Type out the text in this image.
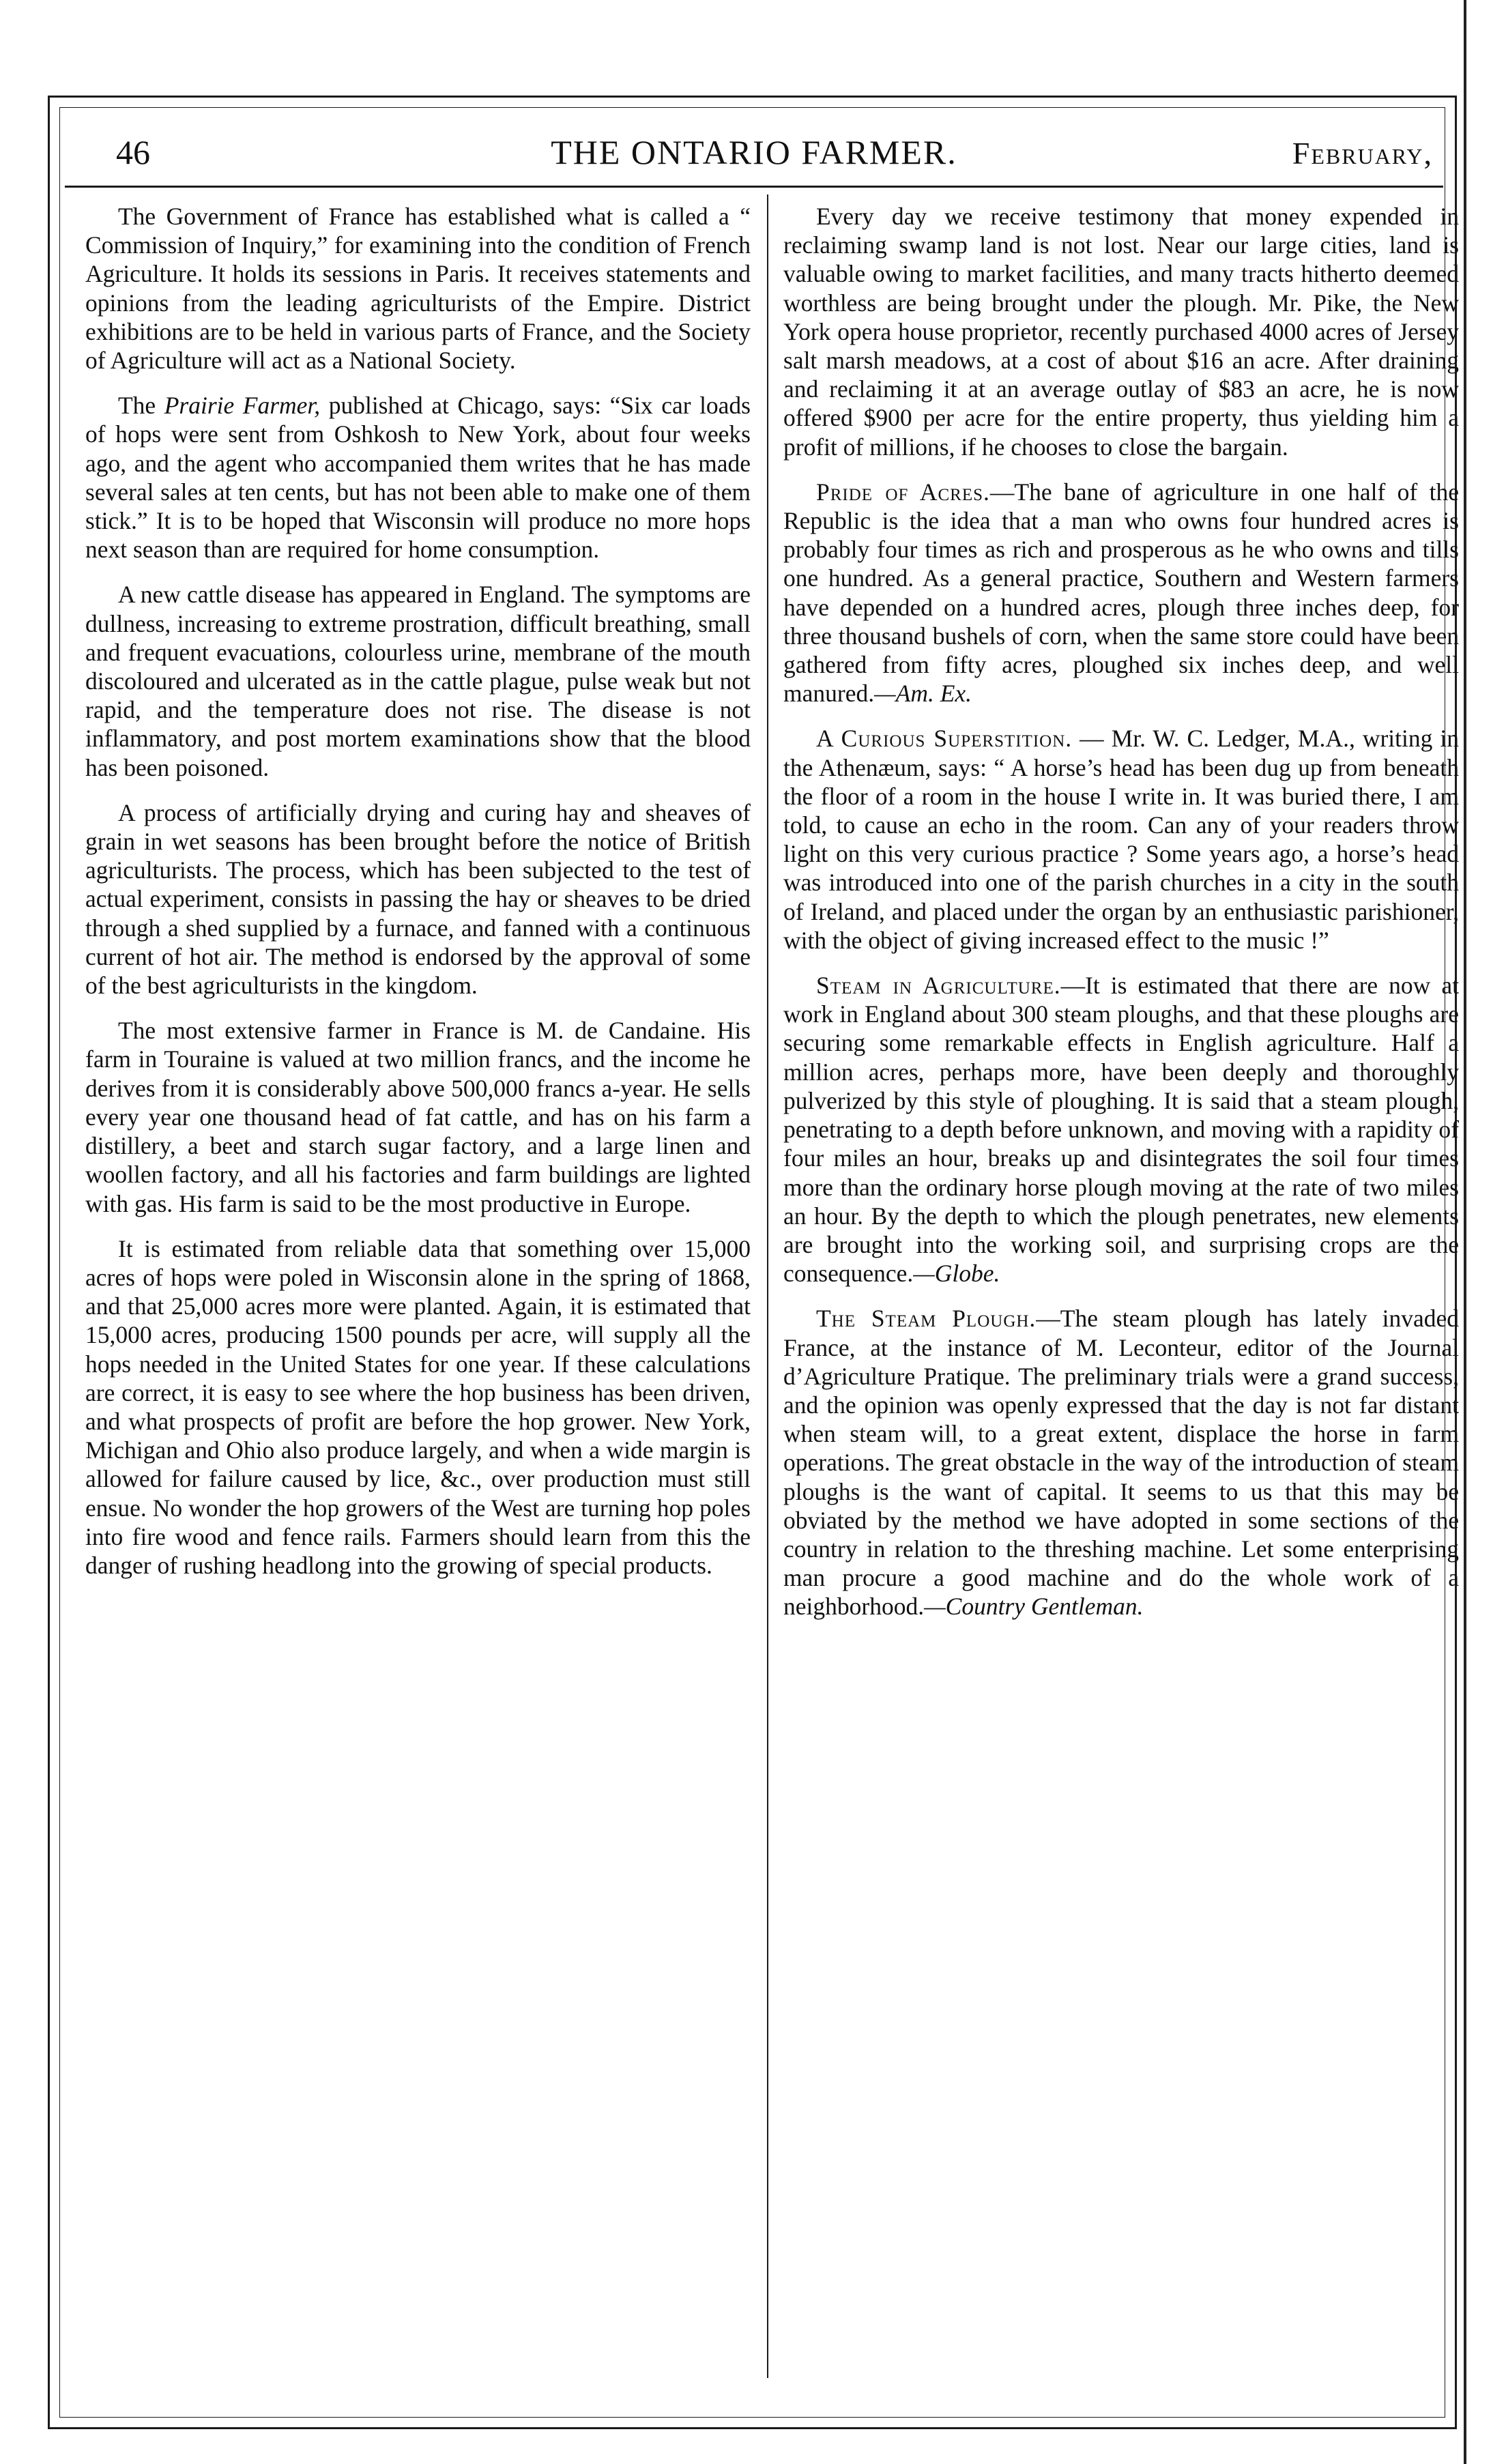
46	THE ONTARIO FARMER.	February,

The Government of France has established what is called a “ Commission of Inquiry,” for examining into the condition of French Agriculture. It holds its sessions in Paris. It receives statements and opinions from the leading agriculturists of the Empire. District exhibitions are to be held in various parts of France, and the Society of Agriculture will act as a National Society.

The Prairie Farmer, published at Chicago, says: “Six car loads of hops were sent from Oshkosh to New York, about four weeks ago, and the agent who accompanied them writes that he has made several sales at ten cents, but has not been able to make one of them stick.” It is to be hoped that Wisconsin will produce no more hops next season than are required for home consumption.

A new cattle disease has appeared in England. The symptoms are dullness, increasing to extreme prostration, difficult breathing, small and frequent evacuations, colourless urine, membrane of the mouth discoloured and ulcerated as in the cattle plague, pulse weak but not rapid, and the temperature does not rise. The disease is not inflammatory, and post mortem examinations show that the blood has been poisoned.

A process of artificially drying and curing hay and sheaves of grain in wet seasons has been brought before the notice of British agriculturists. The process, which has been subjected to the test of actual experiment, consists in passing the hay or sheaves to be dried through a shed supplied by a furnace, and fanned with a continuous current of hot air. The method is endorsed by the approval of some of the best agriculturists in the kingdom.

The most extensive farmer in France is M. de Candaine. His farm in Touraine is valued at two million francs, and the income he derives from it is considerably above 500,000 francs a-year. He sells every year one thousand head of fat cattle, and has on his farm a distillery, a beet and starch sugar factory, and a large linen and woollen factory, and all his factories and farm buildings are lighted with gas. His farm is said to be the most productive in Europe.

It is estimated from reliable data that something over 15,000 acres of hops were poled in Wisconsin alone in the spring of 1868, and that 25,000 acres more were planted. Again, it is estimated that 15,000 acres, producing 1500 pounds per acre, will supply all the hops needed in the United States for one year. If these calculations are correct, it is easy to see where the hop business has been driven, and what prospects of profit are before the hop grower. New York, Michigan and Ohio also produce largely, and when a wide margin is allowed for failure caused by lice, &c., over production must still ensue. No wonder the hop growers of the West are turning hop poles into fire wood and fence rails. Farmers should learn from this the danger of rushing headlong into the growing of special products.

Every day we receive testimony that money expended in reclaiming swamp land is not lost. Near our large cities, land is valuable owing to market facilities, and many tracts hitherto deemed worthless are being brought under the plough. Mr. Pike, the New York opera house proprietor, recently purchased 4000 acres of Jersey salt marsh meadows, at a cost of about $16 an acre. After draining and reclaiming it at an average outlay of $83 an acre, he is now offered $900 per acre for the entire property, thus yielding him a profit of millions, if he chooses to close the bargain.

Pride of Acres.—The bane of agriculture in one half of the Republic is the idea that a man who owns four hundred acres is probably four times as rich and prosperous as he who owns and tills one hundred. As a general practice, Southern and Western farmers have depended on a hundred acres, plough three inches deep, for three thousand bushels of corn, when the same store could have been gathered from fifty acres, ploughed six inches deep, and well manured.—Am. Ex.

A Curious Superstition. — Mr. W. C. Ledger, M.A., writing in the Athenæum, says: “ A horse’s head has been dug up from beneath the floor of a room in the house I write in. It was buried there, I am told, to cause an echo in the room. Can any of your readers throw light on this very curious practice ? Some years ago, a horse’s head was introduced into one of the parish churches in a city in the south of Ireland, and placed under the organ by an enthusiastic parishioner, with the object of giving increased effect to the music !”

Steam in Agriculture.—It is estimated that there are now at work in England about 300 steam ploughs, and that these ploughs are securing some remarkable effects in English agriculture. Half a million acres, perhaps more, have been deeply and thoroughly pulverized by this style of ploughing. It is said that a steam plough, penetrating to a depth before unknown, and moving with a rapidity of four miles an hour, breaks up and disintegrates the soil four times more than the ordinary horse plough moving at the rate of two miles an hour. By the depth to which the plough penetrates, new elements are brought into the working soil, and surprising crops are the consequence.—Globe.

The Steam Plough.—The steam plough has lately invaded France, at the instance of M. Leconteur, editor of the Journal d’Agriculture Pratique. The preliminary trials were a grand success, and the opinion was openly expressed that the day is not far distant when steam will, to a great extent, displace the horse in farm operations. The great obstacle in the way of the introduction of steam ploughs is the want of capital. It seems to us that this may be obviated by the method we have adopted in some sections of the country in relation to the threshing machine. Let some enterprising man procure a good machine and do the whole work of a neighborhood.—Country Gentleman.
